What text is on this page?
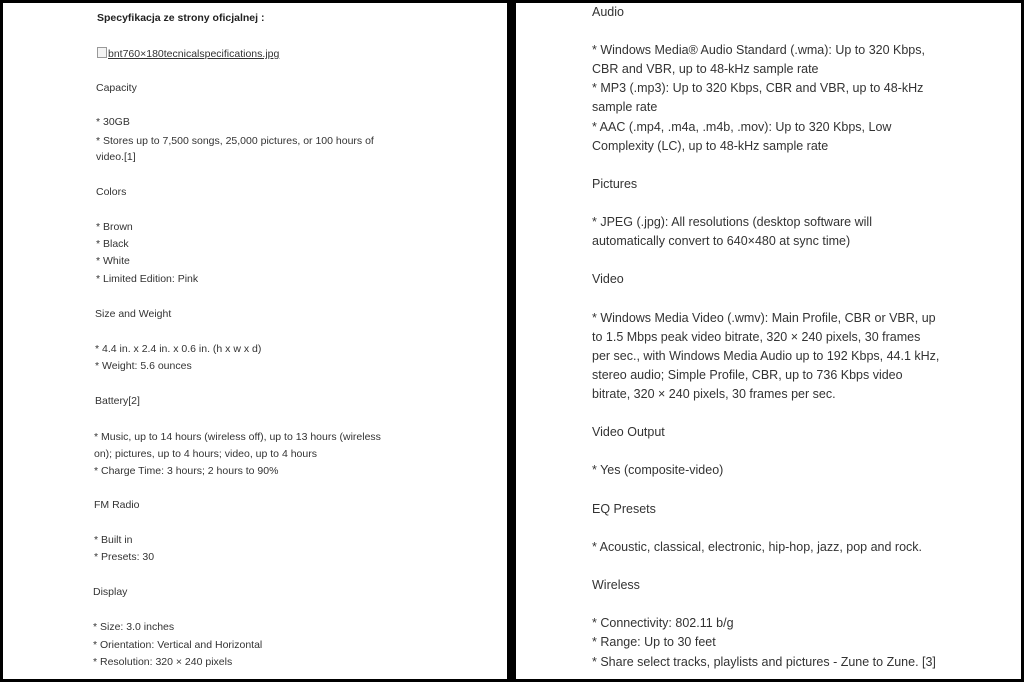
Specyfikacja ze strony oficjalnej :
bnt760×180tecnicalspecifications.jpg
Capacity
* 30GB
* Stores up to 7,500 songs, 25,000 pictures, or 100 hours of
video.[1]
Colors
* Brown
* Black
* White
* Limited Edition: Pink
Size and Weight
* 4.4 in. x 2.4 in. x 0.6 in. (h x w x d)
* Weight: 5.6 ounces
Battery[2]
* Music, up to 14 hours (wireless off), up to 13 hours (wireless
on); pictures, up to 4 hours; video, up to 4 hours
* Charge Time: 3 hours; 2 hours to 90%
FM Radio
* Built in
* Presets: 30
Display
* Size: 3.0 inches
* Orientation: Vertical and Horizontal
* Resolution: 320 × 240 pixels
Audio
* Windows Media® Audio Standard (.wma): Up to 320 Kbps,
CBR and VBR, up to 48-kHz sample rate
* MP3 (.mp3): Up to 320 Kbps, CBR and VBR, up to 48-kHz
sample rate
* AAC (.mp4, .m4a, .m4b, .mov): Up to 320 Kbps, Low
Complexity (LC), up to 48-kHz sample rate
Pictures
* JPEG (.jpg): All resolutions (desktop software will
automatically convert to 640×480 at sync time)
Video
* Windows Media Video (.wmv): Main Profile, CBR or VBR, up
to 1.5 Mbps peak video bitrate, 320 × 240 pixels, 30 frames
per sec., with Windows Media Audio up to 192 Kbps, 44.1 kHz,
stereo audio; Simple Profile, CBR, up to 736 Kbps video
bitrate, 320 × 240 pixels, 30 frames per sec.
Video Output
* Yes (composite-video)
EQ Presets
* Acoustic, classical, electronic, hip-hop, jazz, pop and rock.
Wireless
* Connectivity: 802.11 b/g
* Range: Up to 30 feet
* Share select tracks, playlists and pictures - Zune to Zune. [3]
